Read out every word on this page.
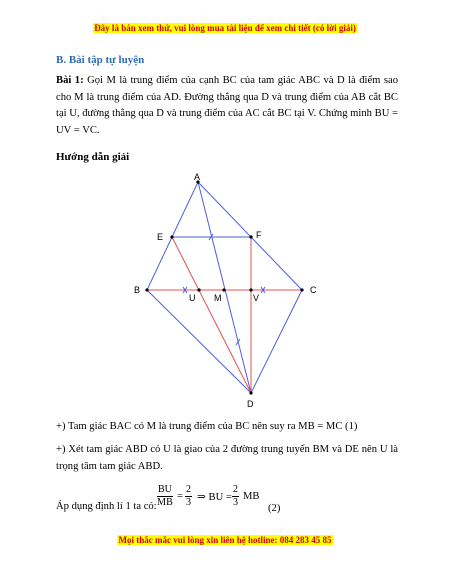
Đây là bản xem thử, vui lòng mua tài liệu để xem chi tiết (có lời giải)
B. Bài tập tự luyện
Bài 1: Gọi M là trung điểm của cạnh BC của tam giác ABC và D là điểm sao cho M là trung điểm của AD. Đường thẳng qua D và trung điểm của AB cắt BC tại U, đường thẳng qua D và trung điểm của AC cắt BC tại V. Chứng minh BU = UV = VC.
Hướng dẫn giải
A
B	C
D
E	F
M
U	V
+) Tam giác BAC có M là trung điểm của BC nên suy ra MB = MC (1)
+) Xét tam giác ABD có U là giao của 2 đường trung tuyến BM và DE nên U là trọng tâm tam giác ABD.
Áp dụng định lí 1 ta có: $\frac{BU}{MB} = \frac{2}{3}$ ⇒ BU = $\frac{2}{3}$ MB
(2)
Mọi thắc mắc vui lòng xin liên hệ hotline: 084 283 45 85
